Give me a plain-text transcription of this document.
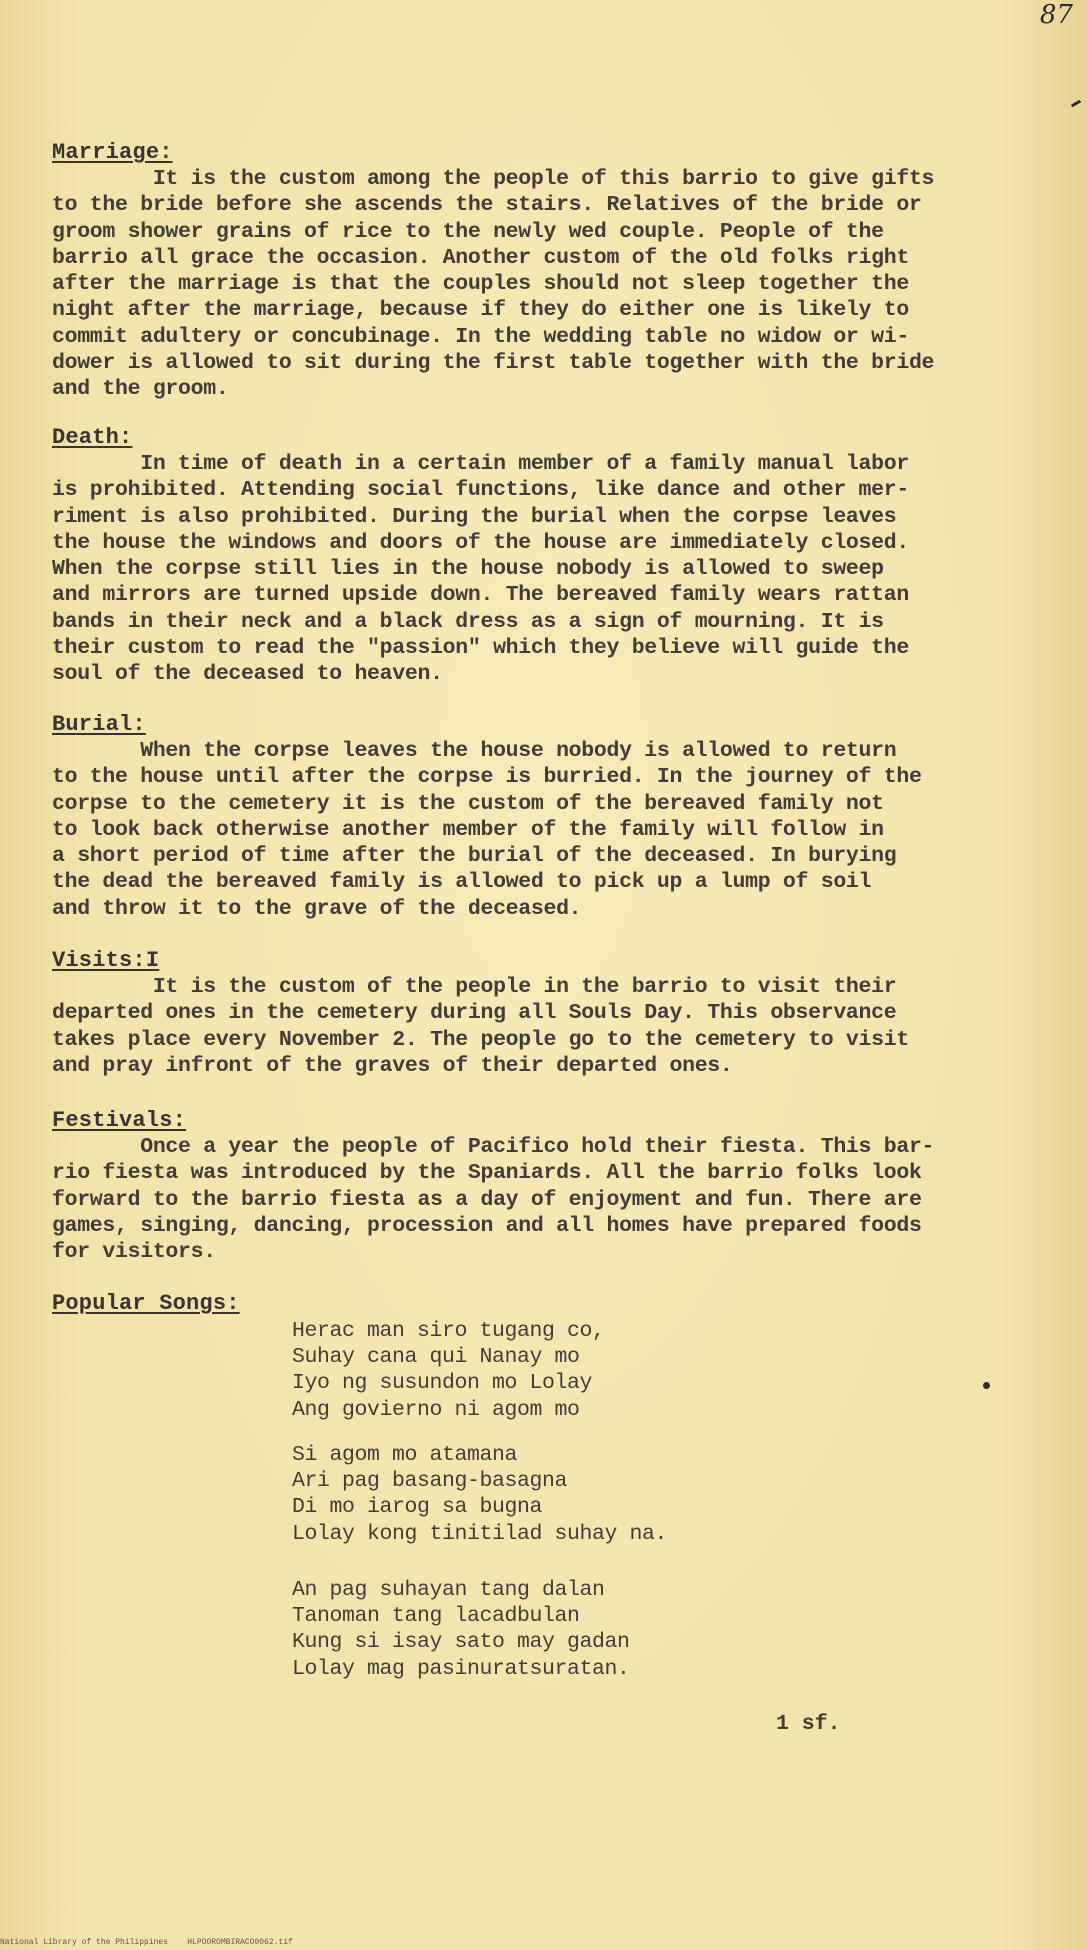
87
Marriage:
It is the custom among the people of this barrio to give gifts
to the bride before she ascends the stairs. Relatives of the bride or
groom shower grains of rice to the newly wed couple. People of the
barrio all grace the occasion. Another custom of the old folks right
after the marriage is that the couples should not sleep together the
night after the marriage, because if they do either one is likely to
commit adultery or concubinage. In the wedding table no widow or wi-
dower is allowed to sit during the first table together with the bride
and the groom.
Death:
In time of death in a certain member of a family manual labor
is prohibited. Attending social functions, like dance and other mer-
riment is also prohibited. During the burial when the corpse leaves
the house the windows and doors of the house are immediately closed.
When the corpse still lies in the house nobody is allowed to sweep
and mirrors are turned upside down. The bereaved family wears rattan
bands in their neck and a black dress as a sign of mourning. It is
their custom to read the "passion" which they believe will guide the
soul of the deceased to heaven.
Burial:
When the corpse leaves the house nobody is allowed to return
to the house until after the corpse is burried. In the journey of the
corpse to the cemetery it is the custom of the bereaved family not
to look back otherwise another member of the family will follow in
a short period of time after the burial of the deceased. In burying
the dead the bereaved family is allowed to pick up a lump of soil
and throw it to the grave of the deceased.
Visits:I
It is the custom of the people in the barrio to visit their
departed ones in the cemetery during all Souls Day. This observance
takes place every November 2. The people go to the cemetery to visit
and pray infront of the graves of their departed ones.
Festivals:
Once a year the people of Pacifico hold their fiesta. This bar-
rio fiesta was introduced by the Spaniards. All the barrio folks look
forward to the barrio fiesta as a day of enjoyment and fun. There are
games, singing, dancing, procession and all homes have prepared foods
for visitors.
Popular Songs:
Herac man siro tugang co,
Suhay cana qui Nanay mo
Iyo ng susundon mo Lolay
Ang govierno ni agom mo
Si agom mo atamana
Ari pag basang-basagna
Di mo iarog sa bugna
Lolay kong tinitilad suhay na.
An pag suhayan tang dalan
Tanoman tang lacadbulan
Kung si isay sato may gadan
Lolay mag pasinuratsuratan.
1 sf.
National Library of the Philippines    HLPOOROMBIRACO0062.tif
